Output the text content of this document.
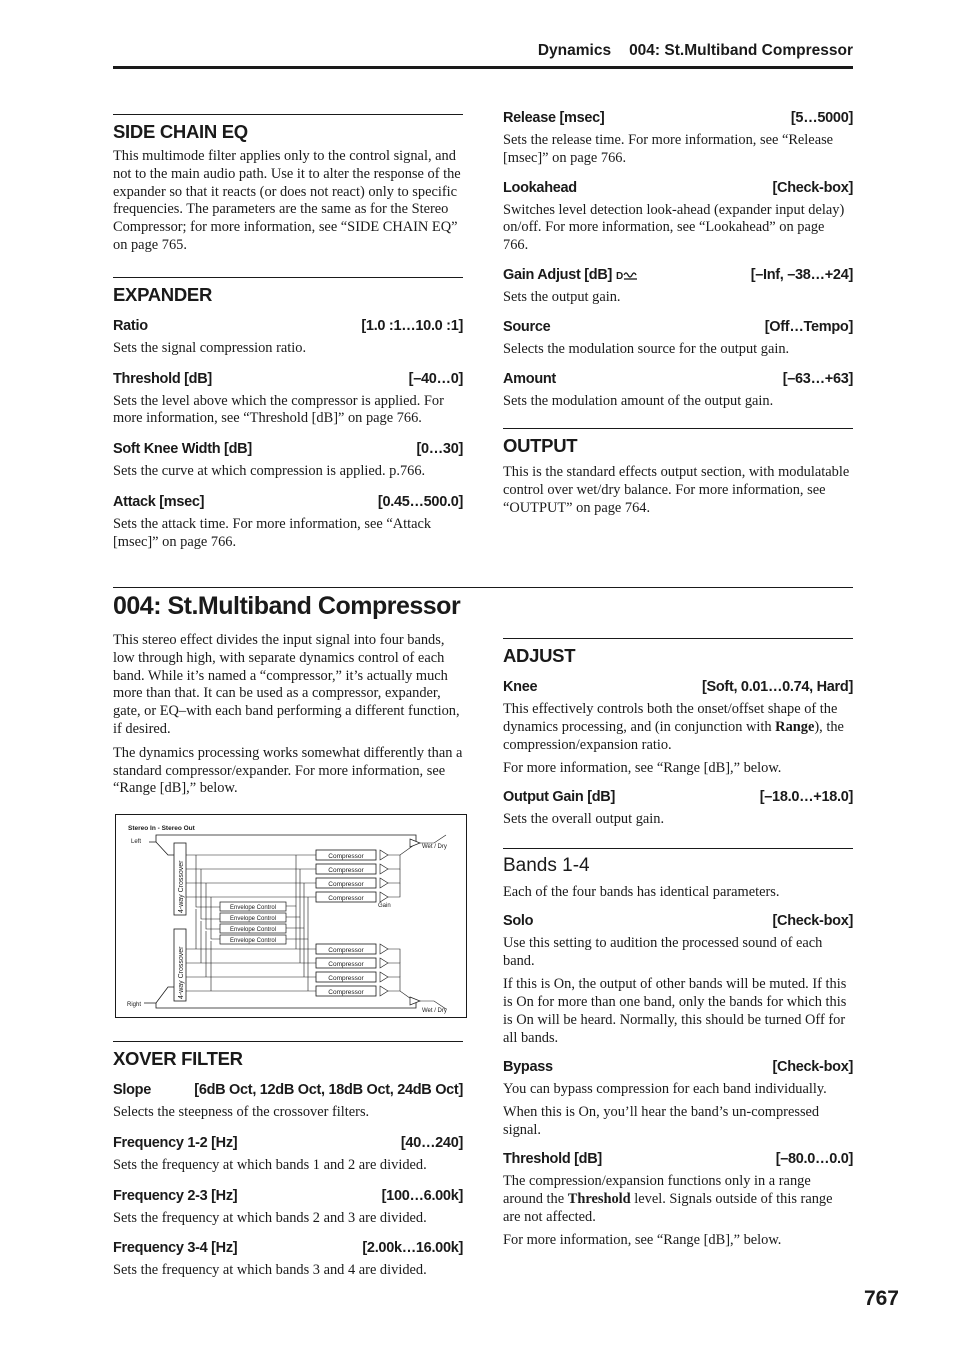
Dynamics 004: St.Multiband Compressor
SIDE CHAIN EQ

This multimode filter applies only to the control signal, and not to the main audio path. Use it to alter the response of the expander so that it reacts (or does not react) only to specific frequencies. The parameters are the same as for the Stereo Compressor; for more information, see “SIDE CHAIN EQ” on page 765.

EXPANDER
Ratio	[1.0 :1…10.0 :1]

Sets the signal compression ratio.

Threshold [dB]	[–40…0]

Sets the level above which the compressor is applied. For more information, see “Threshold [dB]” on page 766.

Soft Knee Width [dB]	[0…30]

Sets the curve at which compression is applied. p.766.

Attack [msec]	[0.45…500.0]

Sets the attack time. For more information, see “Attack [msec]” on page 766.

Release [msec]	[5…5000]

Sets the release time. For more information, see “Release [msec]” on page 766.

Lookahead	[Check-box]

Switches level detection look-ahead (expander input delay) on/off. For more information, see “Lookahead” on page 766.

Gain Adjust [dB] D	[–Inf, –38…+24]

Sets the output gain.

Source	[Off…Tempo]

Selects the modulation source for the output gain.

Amount	[–63…+63]

Sets the modulation amount of the output gain.

OUTPUT

This is the standard effects output section, with modulatable control over wet/dry balance. For more information, see “OUTPUT” on page 764.

004: St.Multiband Compressor

This stereo effect divides the input signal into four bands, low through high, with separate dynamics control of each band. While it’s named a “compressor,” it’s actually much more than that. It can be used as a compressor, expander, gate, or EQ–with each band performing a different function, if desired.

The dynamics processing works somewhat differently than a standard compressor/expander. For more information, see “Range [dB],” below.

Stereo In - Stereo Out
Left
Right
Wet / Dry
Wet / Dry
Gain
4-way Crossover
4-way Crossover
Compressor
Compressor
Compressor
Compressor
Compressor
Compressor
Compressor
Compressor
Envelope Control
Envelope Control
Envelope Control
Envelope Control
XOVER FILTER
Slope	[6dB Oct, 12dB Oct, 18dB Oct, 24dB Oct]

Selects the steepness of the crossover filters.

Frequency 1-2 [Hz]	[40…240]

Sets the frequency at which bands 1 and 2 are divided.

Frequency 2-3 [Hz]	[100…6.00k]

Sets the frequency at which bands 2 and 3 are divided.

Frequency 3-4 [Hz]	[2.00k…16.00k]

Sets the frequency at which bands 3 and 4 are divided.

ADJUST
Knee	[Soft, 0.01…0.74, Hard]

This effectively controls both the onset/offset shape of the dynamics processing, and (in conjunction with Range), the compression/expansion ratio.

For more information, see “Range [dB],” below.

Output Gain [dB]	[–18.0…+18.0]

Sets the overall output gain.

Bands 1-4

Each of the four bands has identical parameters.

Solo	[Check-box]

Use this setting to audition the processed sound of each band.

If this is On, the output of other bands will be muted. If this is On for more than one band, only the bands for which this is On will be heard. Normally, this should be turned Off for all bands.

Bypass	[Check-box]

You can bypass compression for each band individually.

When this is On, you’ll hear the band’s un-compressed signal.

Threshold [dB]	[–80.0…0.0]

The compression/expansion functions only in a range around the Threshold level. Signals outside of this range are not affected.

For more information, see “Range [dB],” below.

767
